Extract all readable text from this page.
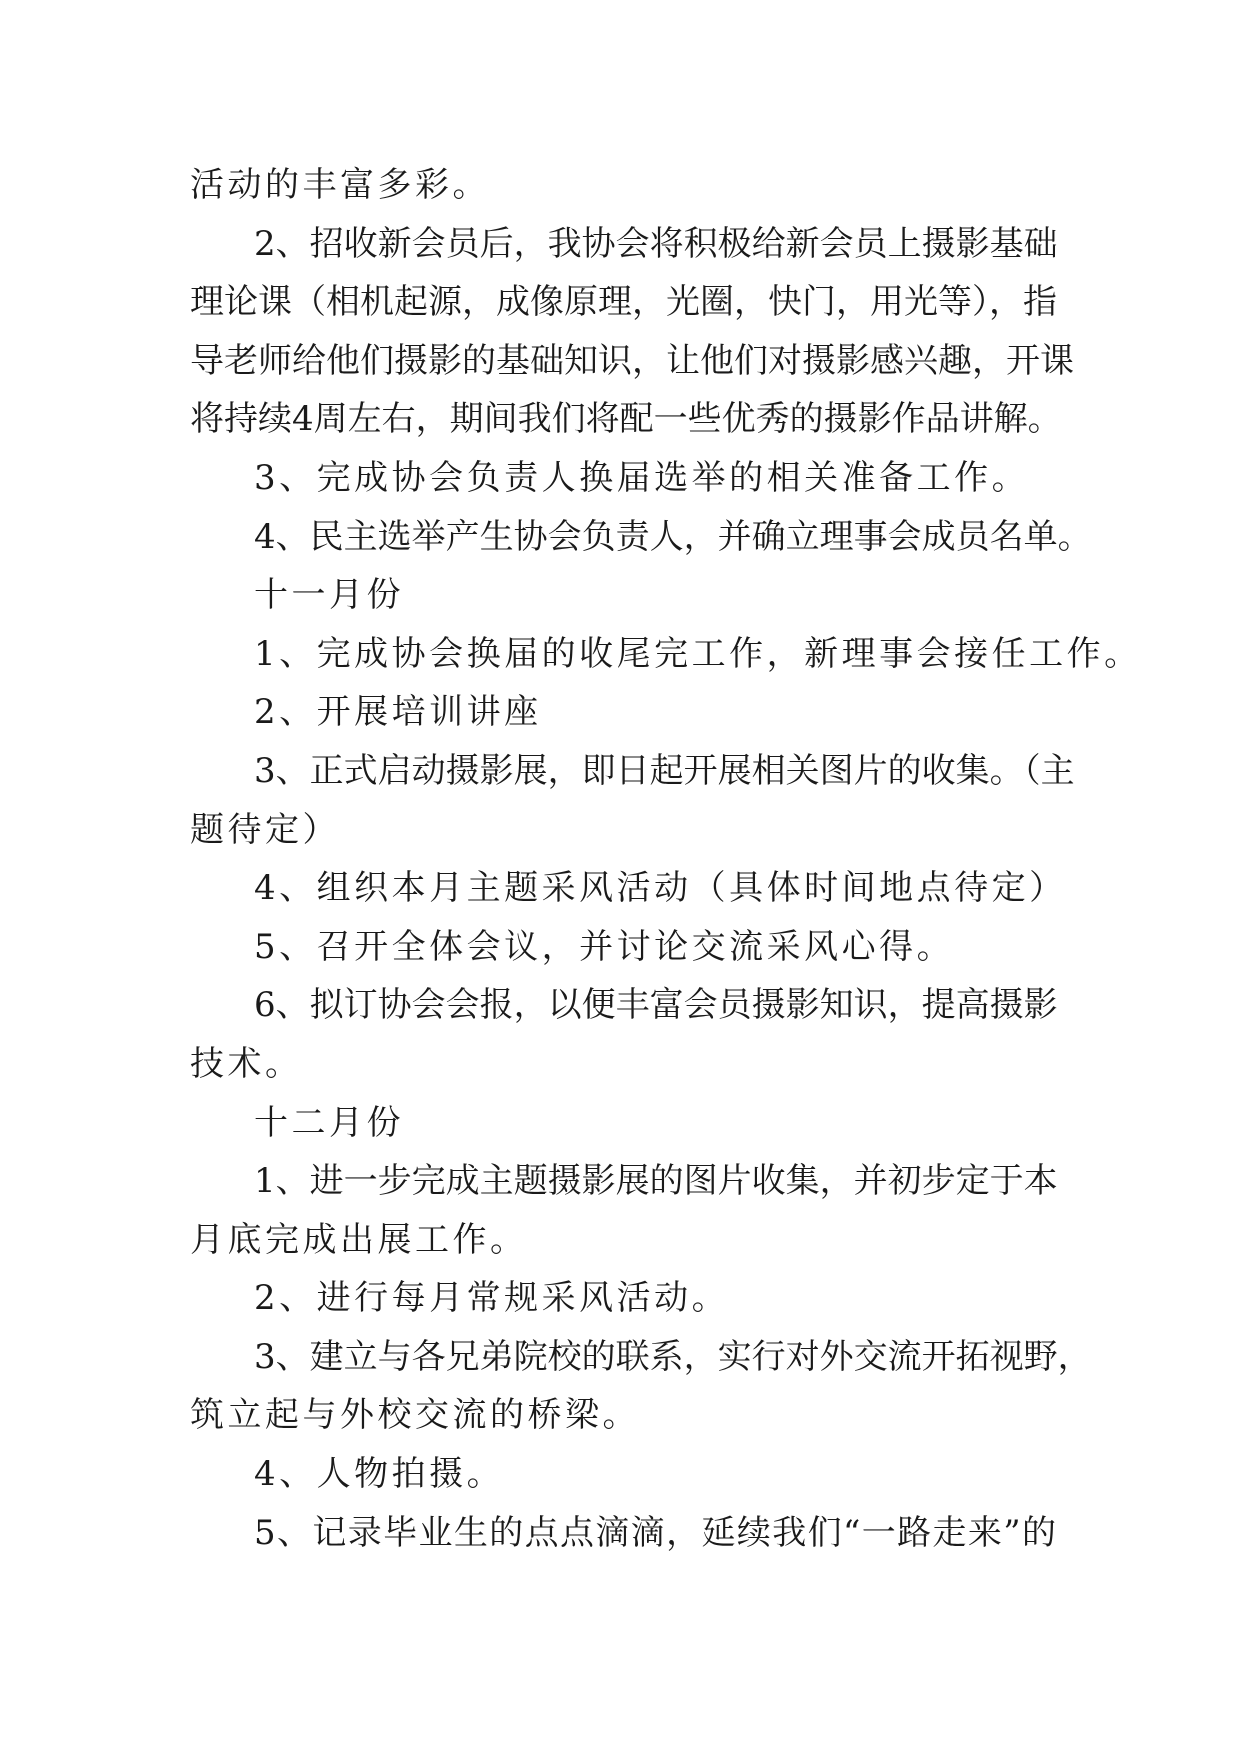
活动的丰富多彩。
2、招收新会员后，我协会将积极给新会员上摄影基础
理论课（相机起源，成像原理，光圈，快门，用光等），指
导老师给他们摄影的基础知识，让他们对摄影感兴趣，开课
将持续4周左右，期间我们将配一些优秀的摄影作品讲解。
3、完成协会负责人换届选举的相关准备工作。
4、民主选举产生协会负责人，并确立理事会成员名单。
十一月份
1、完成协会换届的收尾完工作，新理事会接任工作。
2、开展培训讲座
3、正式启动摄影展，即日起开展相关图片的收集。（主
题待定）
4、组织本月主题采风活动（具体时间地点待定）
5、召开全体会议，并讨论交流采风心得。
6、拟订协会会报，以便丰富会员摄影知识，提高摄影
技术。
十二月份
1、进一步完成主题摄影展的图片收集，并初步定于本
月底完成出展工作。
2、进行每月常规采风活动。
3、建立与各兄弟院校的联系，实行对外交流开拓视野，
筑立起与外校交流的桥梁。
4、人物拍摄。
5、记录毕业生的点点滴滴，延续我们“一路走来”的
